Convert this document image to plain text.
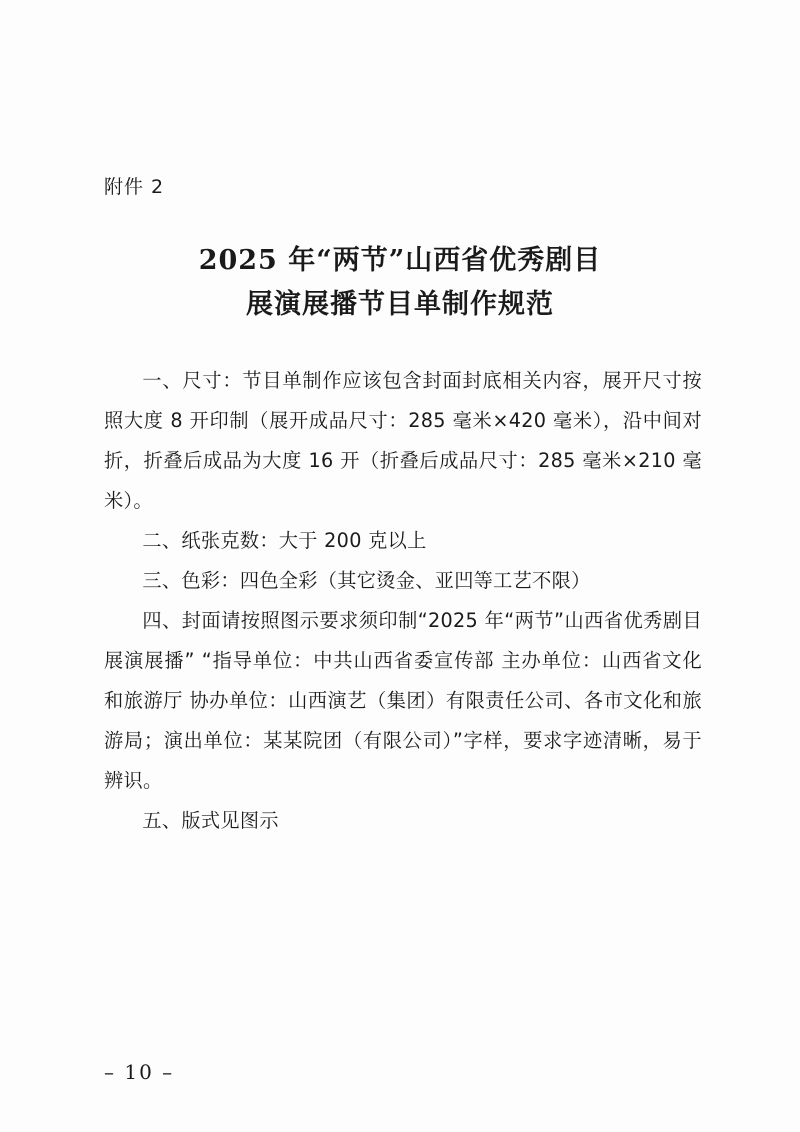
附件 2
2025 年“两节”山西省优秀剧目
展演展播节目单制作规范

一、尺寸：节目单制作应该包含封面封底相关内容，展开尺寸按照大度 8 开印制（展开成品尺寸：285 毫米×420 毫米），沿中间对折，折叠后成品为大度 16 开（折叠后成品尺寸：285 毫米×210 毫米）。

二、纸张克数：大于 200 克以上

三、色彩：四色全彩（其它烫金、亚凹等工艺不限）

四、封面请按照图示要求须印制“2025 年“两节”山西省优秀剧目展演展播” “指导单位：中共山西省委宣传部 主办单位：山西省文化和旅游厅 协办单位：山西演艺（集团）有限责任公司、各市文化和旅游局；演出单位：某某院团（有限公司）”字样，要求字迹清晰，易于辨识。

五、版式见图示

– 10 –
